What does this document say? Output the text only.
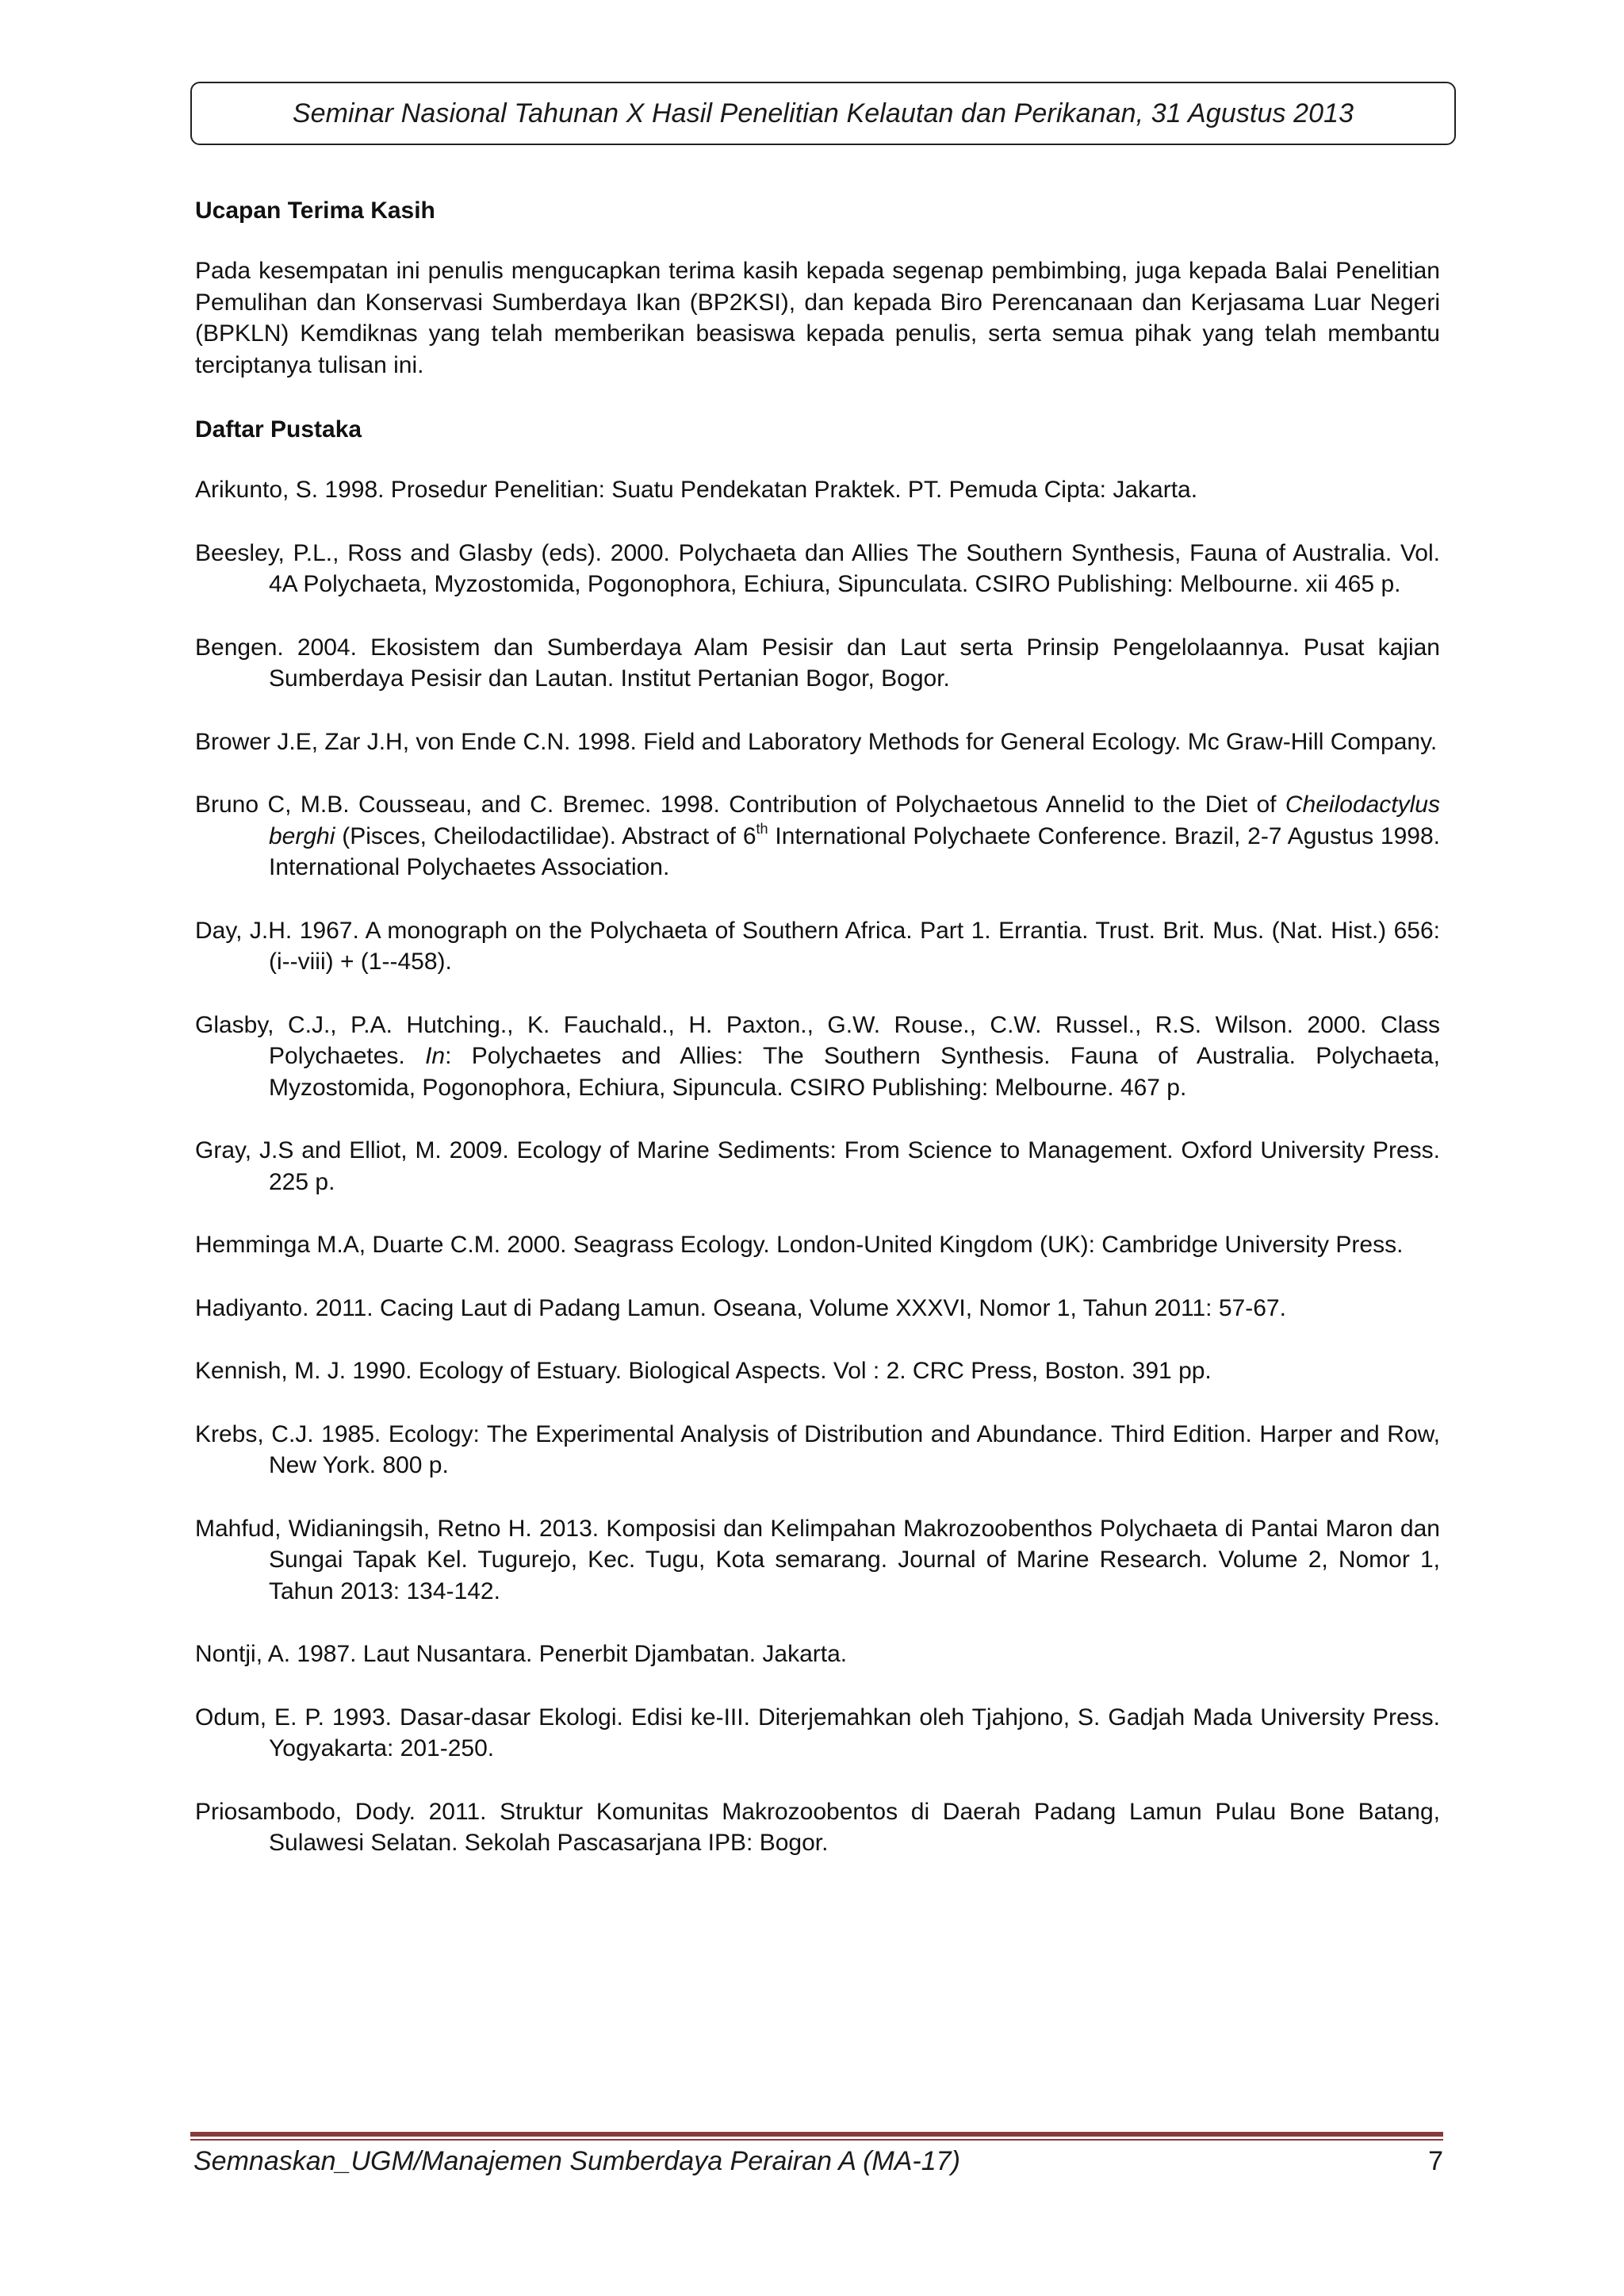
Seminar Nasional Tahunan X Hasil Penelitian Kelautan dan Perikanan, 31 Agustus 2013
Ucapan Terima Kasih

Pada kesempatan ini penulis mengucapkan terima kasih kepada segenap pembimbing, juga kepada Balai Penelitian Pemulihan dan Konservasi Sumberdaya Ikan (BP2KSI), dan kepada Biro Perencanaan dan Kerjasama Luar Negeri (BPKLN) Kemdiknas yang telah memberikan beasiswa kepada penulis, serta semua pihak yang telah membantu terciptanya tulisan ini.

Daftar Pustaka

Arikunto, S. 1998. Prosedur Penelitian: Suatu Pendekatan Praktek. PT. Pemuda Cipta: Jakarta.

Beesley, P.L., Ross and Glasby (eds). 2000. Polychaeta dan Allies The Southern Synthesis, Fauna of Australia. Vol. 4A Polychaeta, Myzostomida, Pogonophora, Echiura, Sipunculata. CSIRO Publishing: Melbourne. xii 465 p.

Bengen. 2004. Ekosistem dan Sumberdaya Alam Pesisir dan Laut serta Prinsip Pengelolaannya. Pusat kajian Sumberdaya Pesisir dan Lautan. Institut Pertanian Bogor, Bogor.

Brower J.E, Zar J.H, von Ende C.N. 1998. Field and Laboratory Methods for General Ecology. Mc Graw-Hill Company.

Bruno C, M.B. Cousseau, and C. Bremec. 1998. Contribution of Polychaetous Annelid to the Diet of Cheilodactylus berghi (Pisces, Cheilodactilidae). Abstract of 6th International Polychaete Conference. Brazil, 2-7 Agustus 1998. International Polychaetes Association.

Day, J.H. 1967. A monograph on the Polychaeta of Southern Africa. Part 1. Errantia. Trust. Brit. Mus. (Nat. Hist.) 656: (i--viii) + (1--458).

Glasby, C.J., P.A. Hutching., K. Fauchald., H. Paxton., G.W. Rouse., C.W. Russel., R.S. Wilson. 2000. Class Polychaetes. In: Polychaetes and Allies: The Southern Synthesis. Fauna of Australia. Polychaeta, Myzostomida, Pogonophora, Echiura, Sipuncula. CSIRO Publishing: Melbourne. 467 p.

Gray, J.S and Elliot, M. 2009. Ecology of Marine Sediments: From Science to Management. Oxford University Press. 225 p.

Hemminga M.A, Duarte C.M. 2000. Seagrass Ecology. London-United Kingdom (UK): Cambridge University Press.

Hadiyanto. 2011. Cacing Laut di Padang Lamun. Oseana, Volume XXXVI, Nomor 1, Tahun 2011: 57-67.

Kennish, M. J. 1990. Ecology of Estuary. Biological Aspects. Vol : 2. CRC Press, Boston. 391 pp.

Krebs, C.J. 1985. Ecology: The Experimental Analysis of Distribution and Abundance. Third Edition. Harper and Row, New York. 800 p.

Mahfud, Widianingsih, Retno H. 2013. Komposisi dan Kelimpahan Makrozoobenthos Polychaeta di Pantai Maron dan Sungai Tapak Kel. Tugurejo, Kec. Tugu, Kota semarang. Journal of Marine Research. Volume 2, Nomor 1, Tahun 2013: 134-142.

Nontji, A. 1987. Laut Nusantara. Penerbit Djambatan. Jakarta.

Odum, E. P. 1993. Dasar-dasar Ekologi. Edisi ke-III. Diterjemahkan oleh Tjahjono, S. Gadjah Mada University Press. Yogyakarta: 201-250.

Priosambodo, Dody. 2011. Struktur Komunitas Makrozoobentos di Daerah Padang Lamun Pulau Bone Batang, Sulawesi Selatan. Sekolah Pascasarjana IPB: Bogor.

Semnaskan_UGM/Manajemen Sumberdaya Perairan A (MA-17)	7
